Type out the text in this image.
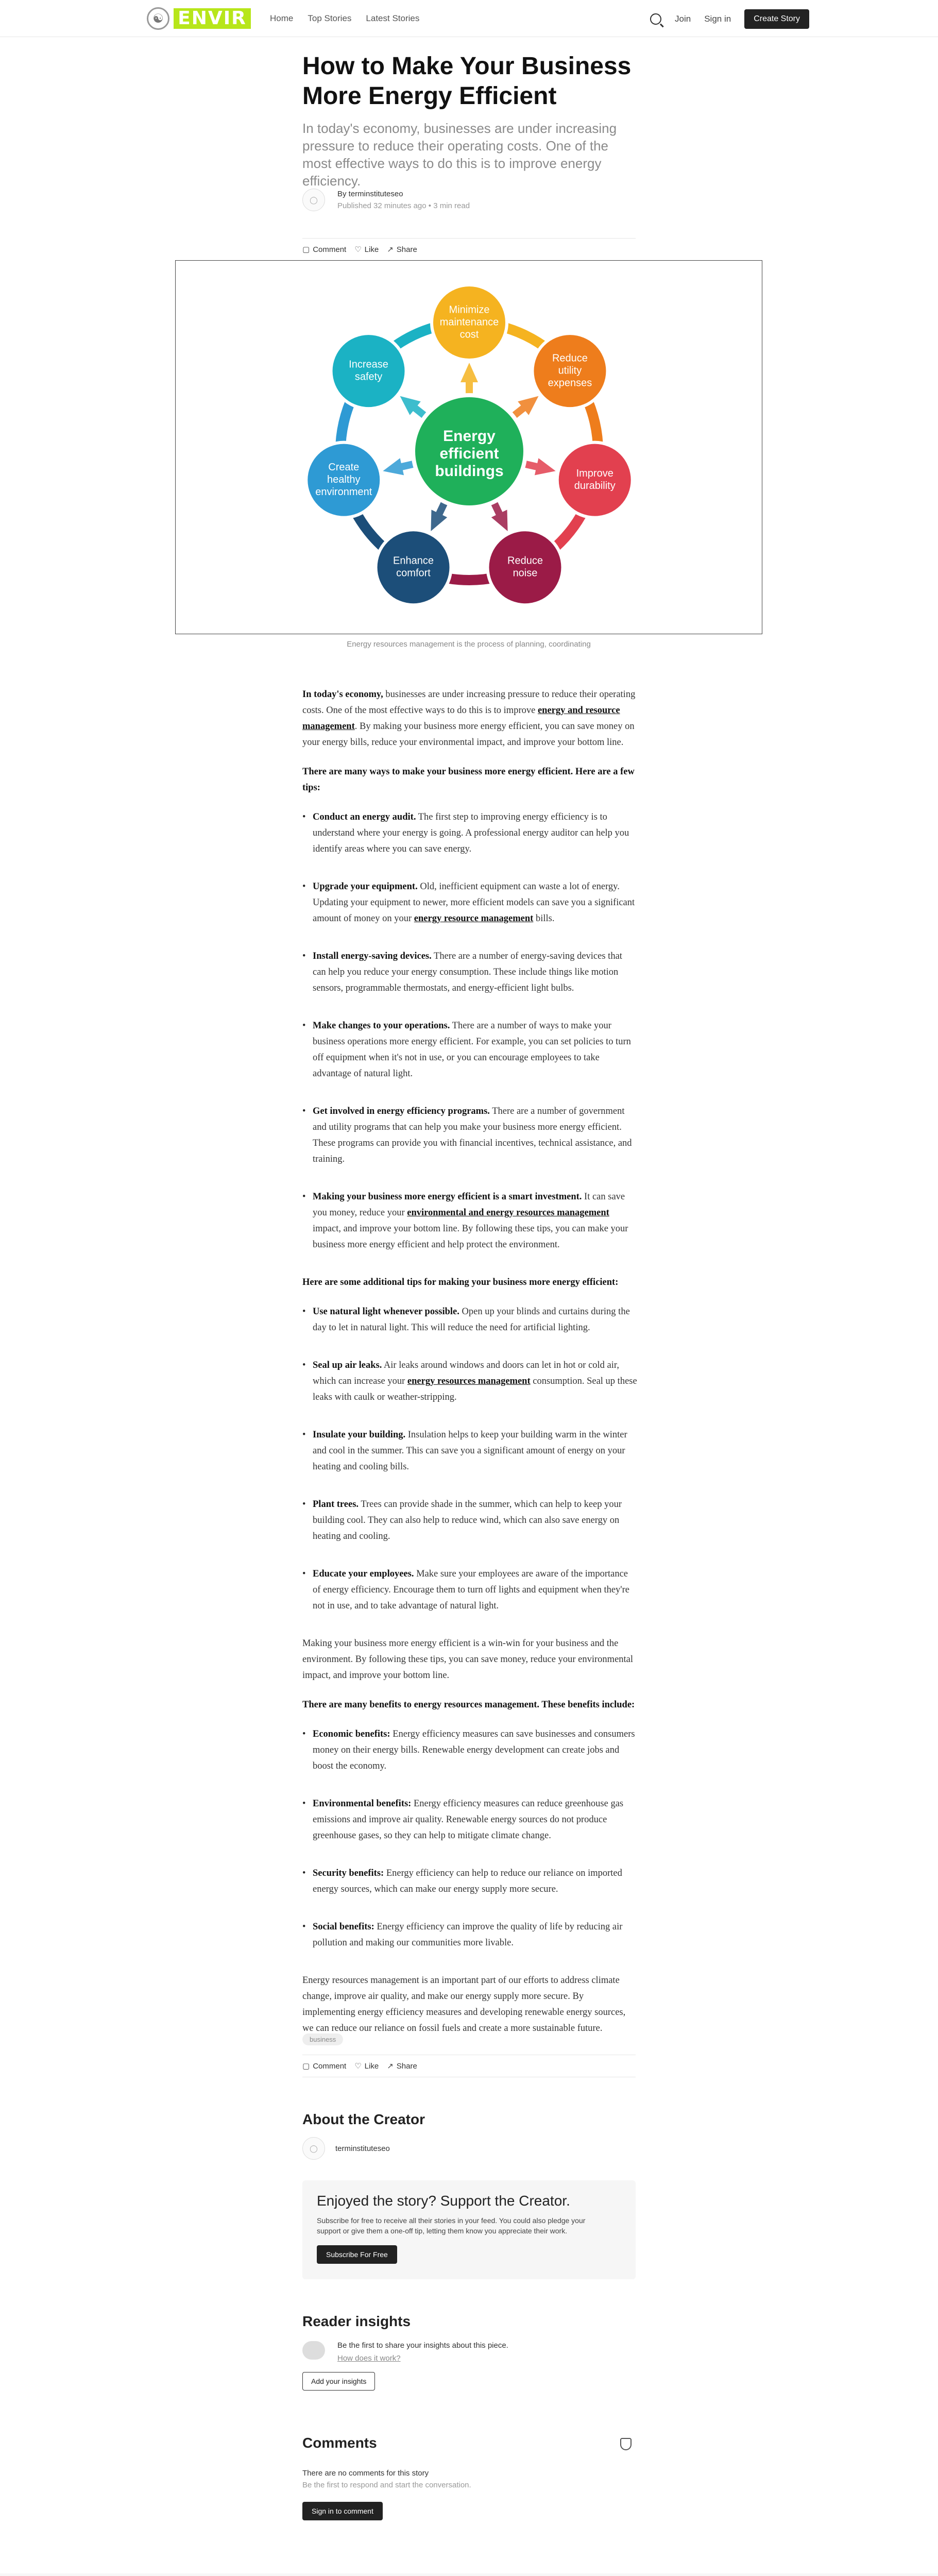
☯ ENVIR	Home Top Stories Latest Stories	Join Sign in	Create Story
How to Make Your Business More Energy Efficient

In today's economy, businesses are under increasing pressure to reduce their operating costs. One of the most effective ways to do this is to improve energy efficiency.

◯
By terminstituteseo
Published 32 minutes ago • 3 min read
▢ Comment ♡ Like ↗ Share
Energy
efficient
buildings
Minimize
maintenance
cost
Reduce
utility
expenses
Improve
durability
Reduce
noise
Enhance
comfort
Create
healthy
environment
Increase
safety
Energy resources management is the process of planning, coordinating

In today's economy, businesses are under increasing pressure to reduce their operating costs. One of the most effective ways to do this is to improve energy and resource management. By making your business more energy efficient, you can save money on your energy bills, reduce your environmental impact, and improve your bottom line.

There are many ways to make your business more energy efficient. Here are a few tips:

• Conduct an energy audit. The first step to improving energy efficiency is to understand where your energy is going. A professional energy auditor can help you identify areas where you can save energy.
• Upgrade your equipment. Old, inefficient equipment can waste a lot of energy. Updating your equipment to newer, more efficient models can save you a significant amount of money on your energy resource management bills.
• Install energy-saving devices. There are a number of energy-saving devices that can help you reduce your energy consumption. These include things like motion sensors, programmable thermostats, and energy-efficient light bulbs.
• Make changes to your operations. There are a number of ways to make your business operations more energy efficient. For example, you can set policies to turn off equipment when it's not in use, or you can encourage employees to take advantage of natural light.
• Get involved in energy efficiency programs. There are a number of government and utility programs that can help you make your business more energy efficient. These programs can provide you with financial incentives, technical assistance, and training.
• Making your business more energy efficient is a smart investment. It can save you money, reduce your environmental and energy resources management impact, and improve your bottom line. By following these tips, you can make your business more energy efficient and help protect the environment.

Here are some additional tips for making your business more energy efficient:

• Use natural light whenever possible. Open up your blinds and curtains during the day to let in natural light. This will reduce the need for artificial lighting.
• Seal up air leaks. Air leaks around windows and doors can let in hot or cold air, which can increase your energy resources management consumption. Seal up these leaks with caulk or weather-stripping.
• Insulate your building. Insulation helps to keep your building warm in the winter and cool in the summer. This can save you a significant amount of energy on your heating and cooling bills.
• Plant trees. Trees can provide shade in the summer, which can help to keep your building cool. They can also help to reduce wind, which can also save energy on heating and cooling.
• Educate your employees. Make sure your employees are aware of the importance of energy efficiency. Encourage them to turn off lights and equipment when they're not in use, and to take advantage of natural light.

Making your business more energy efficient is a win-win for your business and the environment. By following these tips, you can save money, reduce your environmental impact, and improve your bottom line.

There are many benefits to energy resources management. These benefits include:

• Economic benefits: Energy efficiency measures can save businesses and consumers money on their energy bills. Renewable energy development can create jobs and boost the economy.
• Environmental benefits: Energy efficiency measures can reduce greenhouse gas emissions and improve air quality. Renewable energy sources do not produce greenhouse gases, so they can help to mitigate climate change.
• Security benefits: Energy efficiency can help to reduce our reliance on imported energy sources, which can make our energy supply more secure.
• Social benefits: Energy efficiency can improve the quality of life by reducing air pollution and making our communities more livable.

Energy resources management is an important part of our efforts to address climate change, improve air quality, and make our energy supply more secure. By implementing energy efficiency measures and developing renewable energy sources, we can reduce our reliance on fossil fuels and create a more sustainable future.

business
▢ Comment ♡ Like ↗ Share
About the Creator
◯	terminstituteseo
Enjoyed the story? Support the Creator.

Subscribe for free to receive all their stories in your feed. You could also pledge your support or give them a one-off tip, letting them know you appreciate their work.

Subscribe For Free
Reader insights
Be the first to share your insights about this piece.
How does it work?
Add your insights
Comments
There are no comments for this story
Be the first to respond and start the conversation.
Sign in to comment
